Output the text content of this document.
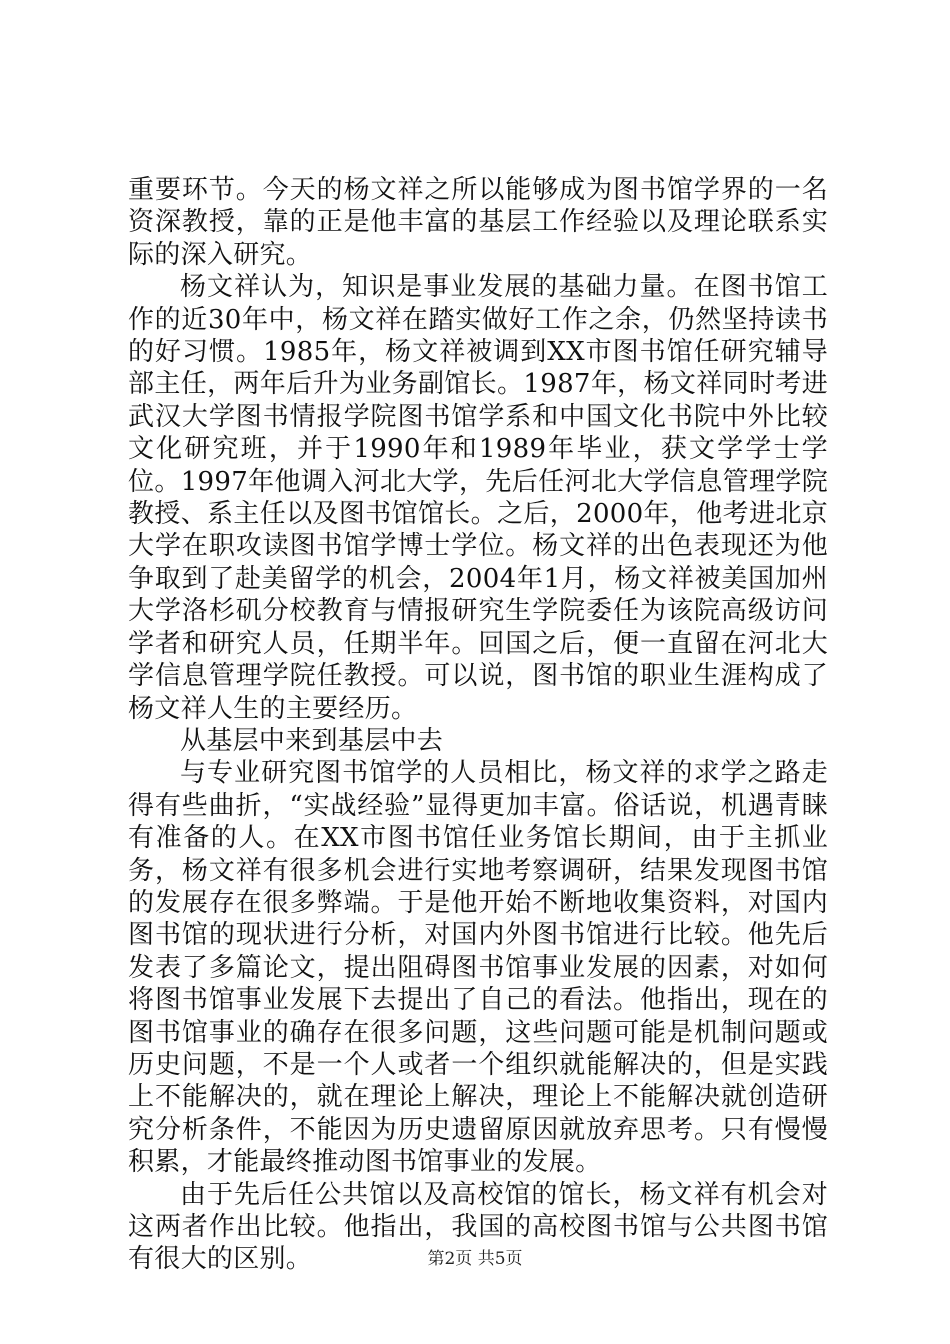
重要环节。今天的杨文祥之所以能够成为图书馆学界的一名资深教授，靠的正是他丰富的基层工作经验以及理论联系实际的深入研究。

杨文祥认为，知识是事业发展的基础力量。在图书馆工作的近30年中，杨文祥在踏实做好工作之余，仍然坚持读书的好习惯。1985年，杨文祥被调到XX市图书馆任研究辅导部主任，两年后升为业务副馆长。1987年，杨文祥同时考进武汉大学图书情报学院图书馆学系和中国文化书院中外比较文化研究班，并于1990年和1989年毕业，获文学学士学位。1997年他调入河北大学，先后任河北大学信息管理学院教授、系主任以及图书馆馆长。之后，2000年，他考进北京大学在职攻读图书馆学博士学位。杨文祥的出色表现还为他争取到了赴美留学的机会，2004年1月，杨文祥被美国加州大学洛杉矶分校教育与情报研究生学院委任为该院高级访问学者和研究人员，任期半年。回国之后，便一直留在河北大学信息管理学院任教授。可以说，图书馆的职业生涯构成了杨文祥人生的主要经历。

从基层中来到基层中去

与专业研究图书馆学的人员相比，杨文祥的求学之路走得有些曲折，“实战经验”显得更加丰富。俗话说，机遇青睐有准备的人。在XX市图书馆任业务馆长期间，由于主抓业务，杨文祥有很多机会进行实地考察调研，结果发现图书馆的发展存在很多弊端。于是他开始不断地收集资料，对国内图书馆的现状进行分析，对国内外图书馆进行比较。他先后发表了多篇论文，提出阻碍图书馆事业发展的因素，对如何将图书馆事业发展下去提出了自己的看法。他指出，现在的图书馆事业的确存在很多问题，这些问题可能是机制问题或历史问题，不是一个人或者一个组织就能解决的，但是实践上不能解决的，就在理论上解决，理论上不能解决就创造研究分析条件，不能因为历史遗留原因就放弃思考。只有慢慢积累，才能最终推动图书馆事业的发展。

由于先后任公共馆以及高校馆的馆长，杨文祥有机会对这两者作出比较。他指出，我国的高校图书馆与公共图书馆有很大的区别。	第2页 共5页
